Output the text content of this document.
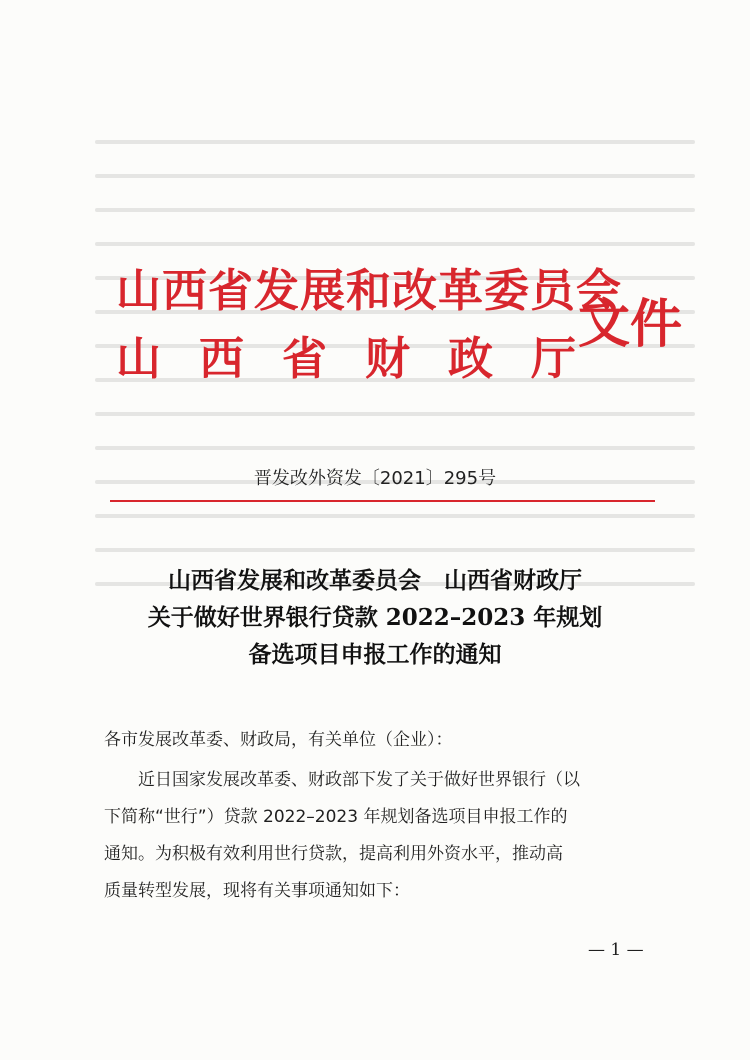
山西省发展和改革委员会
山西省财政厅
文件
晋发改外资发〔2021〕295号
山西省发展和改革委员会　山西省财政厅
关于做好世界银行贷款 2022–2023 年规划
备选项目申报工作的通知
各市发展改革委、财政局，有关单位（企业）：
近日国家发展改革委、财政部下发了关于做好世界银行（以
下简称“世行”）贷款 2022–2023 年规划备选项目申报工作的
通知。为积极有效利用世行贷款，提高利用外资水平，推动高
质量转型发展，现将有关事项通知如下：
— 1 —
